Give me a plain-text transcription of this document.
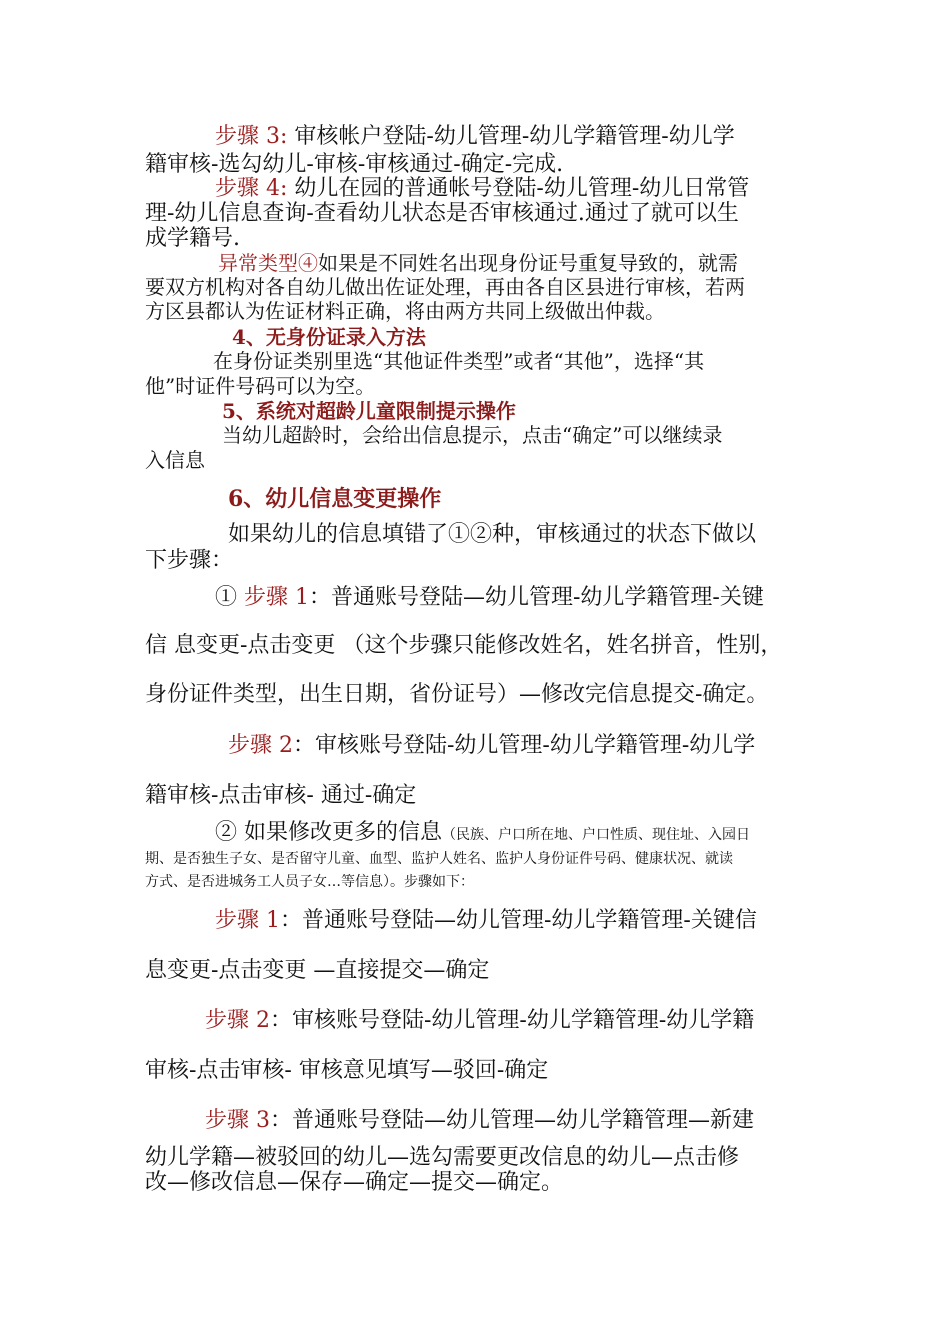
步骤 3: 审核帐户登陆-幼儿管理-幼儿学籍管理-幼儿学
籍审核-选勾幼儿-审核-审核通过-确定-完成.
步骤 4: 幼儿在园的普通帐号登陆-幼儿管理-幼儿日常管
理-幼儿信息查询-查看幼儿状态是否审核通过.通过了就可以生
成学籍号.
异常类型④如果是不同姓名出现身份证号重复导致的，就需
要双方机构对各自幼儿做出佐证处理，再由各自区县进行审核，若两
方区县都认为佐证材料正确，将由两方共同上级做出仲裁。
4、无身份证录入方法
在身份证类别里选“其他证件类型”或者“其他”，选择“其
他”时证件号码可以为空。
5、系统对超龄儿童限制提示操作
当幼儿超龄时，会给出信息提示，点击“确定”可以继续录
入信息
6、幼儿信息变更操作
如果幼儿的信息填错了①②种，审核通过的状态下做以
下步骤：
① 步骤 1：普通账号登陆—幼儿管理-幼儿学籍管理-关键
信 息变更-点击变更 （这个步骤只能修改姓名，姓名拼音，性别，
身份证件类型，出生日期，省份证号）—修改完信息提交-确定。
步骤 2：审核账号登陆-幼儿管理-幼儿学籍管理-幼儿学
籍审核-点击审核- 通过-确定
② 如果修改更多的信息（民族、户口所在地、户口性质、现住址、入园日
期、是否独生子女、是否留守儿童、血型、监护人姓名、监护人身份证件号码、健康状况、就读
方式、是否进城务工人员子女…等信息）。步骤如下：
步骤 1：普通账号登陆—幼儿管理-幼儿学籍管理-关键信
息变更-点击变更 —直接提交—确定
步骤 2：审核账号登陆-幼儿管理-幼儿学籍管理-幼儿学籍
审核-点击审核- 审核意见填写—驳回-确定
步骤 3：普通账号登陆—幼儿管理—幼儿学籍管理—新建
幼儿学籍—被驳回的幼儿—选勾需要更改信息的幼儿—点击修
改—修改信息—保存—确定—提交—确定。
